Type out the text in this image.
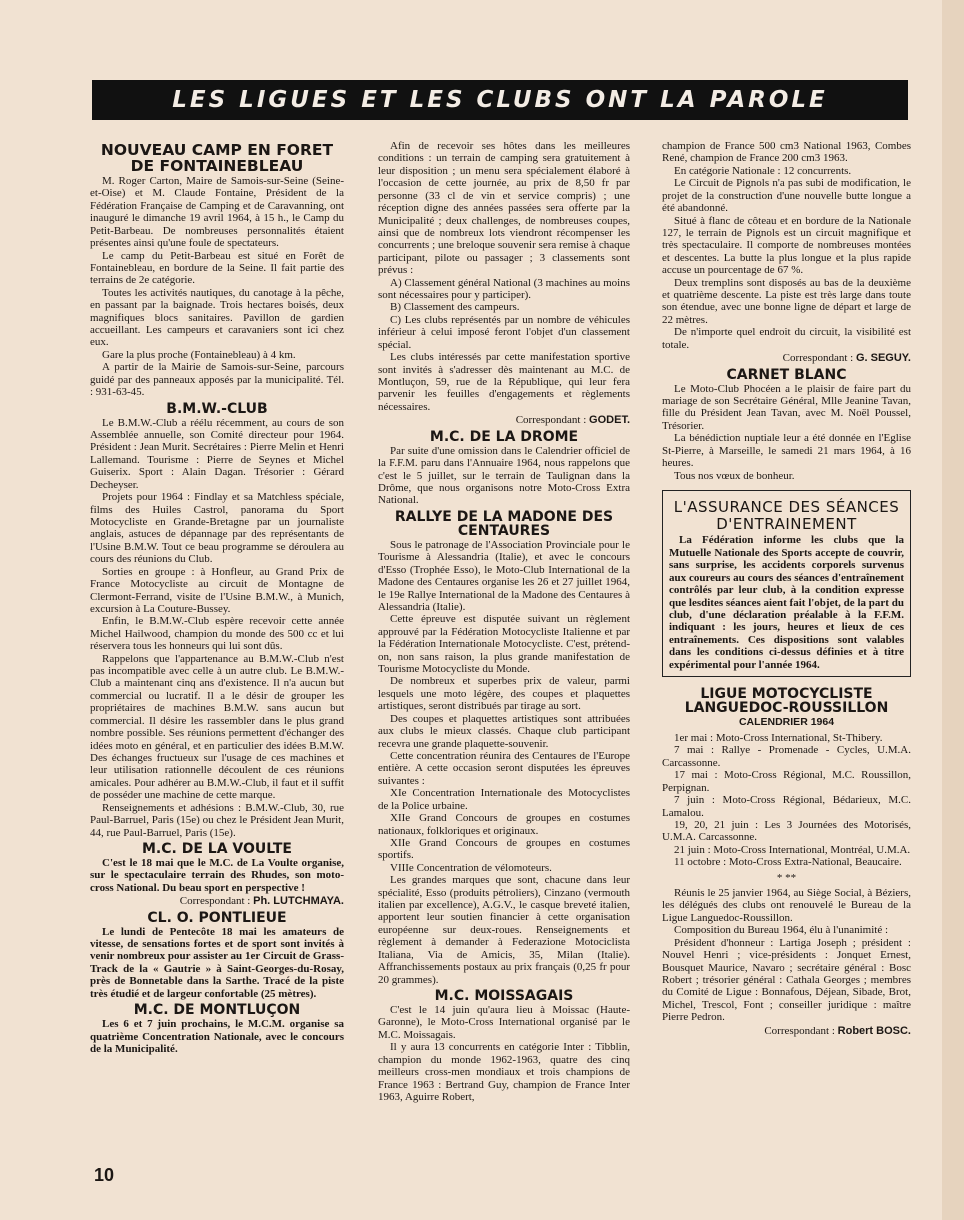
LES LIGUES ET LES CLUBS ONT LA PAROLE
NOUVEAU CAMP EN FORET DE FONTAINEBLEAU

M. Roger Carton, Maire de Samois-sur-Seine (Seine-et-Oise) et M. Claude Fontaine, Président de la Fédération Française de Camping et de Caravanning, ont inauguré le dimanche 19 avril 1964, à 15 h., le Camp du Petit-Barbeau. De nombreuses personnalités étaient présentes ainsi qu'une foule de spectateurs.

Le camp du Petit-Barbeau est situé en Forêt de Fontainebleau, en bordure de la Seine. Il fait partie des terrains de 2e catégorie.

Toutes les activités nautiques, du canotage à la pêche, en passant par la baignade. Trois hectares boisés, deux magnifiques blocs sanitaires. Pavillon de gardien accueillant. Les campeurs et caravaniers sont ici chez eux.

Gare la plus proche (Fontainebleau) à 4 km.

A partir de la Mairie de Samois-sur-Seine, parcours guidé par des panneaux apposés par la municipalité. Tél. : 931-63-45.

B.M.W.-CLUB

Le B.M.W.-Club a réélu récemment, au cours de son Assemblée annuelle, son Comité directeur pour 1964. Président : Jean Murit. Secrétaires : Pierre Melin et Henri Lallemand. Tourisme : Pierre de Seynes et Michel Guiserix. Sport : Alain Dagan. Trésorier : Gérard Decheyser.

Projets pour 1964 : Findlay et sa Matchless spéciale, films des Huiles Castrol, panorama du Sport Motocycliste en Grande-Bretagne par un journaliste anglais, astuces de dépannage par des représentants de l'Usine B.M.W. Tout ce beau programme se déroulera au cours des réunions du Club.

Sorties en groupe : à Honfleur, au Grand Prix de France Motocycliste au circuit de Montagne de Clermont-Ferrand, visite de l'Usine B.M.W., à Munich, excursion à La Couture-Bussey.

Enfin, le B.M.W.-Club espère recevoir cette année Michel Hailwood, champion du monde des 500 cc et lui réservera tous les honneurs qui lui sont dûs.

Rappelons que l'appartenance au B.M.W.-Club n'est pas incompatible avec celle à un autre club. Le B.M.W.-Club a maintenant cinq ans d'existence. Il n'a aucun but commercial ou lucratif. Il a le désir de grouper les propriétaires de machines B.M.W. sans aucun but commercial. Il désire les rassembler dans le plus grand nombre possible. Ses réunions permettent d'échanger des idées moto en général, et en particulier des idées B.M.W. Des échanges fructueux sur l'usage de ces machines et leur utilisation rationnelle découlent de ces réunions amicales. Pour adhérer au B.M.W.-Club, il faut et il suffit de posséder une machine de cette marque.

Renseignements et adhésions : B.M.W.-Club, 30, rue Paul-Barruel, Paris (15e) ou chez le Président Jean Murit, 44, rue Paul-Barruel, Paris (15e).

M.C. DE LA VOULTE

C'est le 18 mai que le M.C. de La Voulte organise, sur le spectaculaire terrain des Rhudes, son moto-cross National. Du beau sport en perspective !

Correspondant : Ph. LUTCHMAYA.
CL. O. PONTLIEUE

Le lundi de Pentecôte 18 mai les amateurs de vitesse, de sensations fortes et de sport sont invités à venir nombreux pour assister au 1er Circuit de Grass-Track de la « Gautrie » à Saint-Georges-du-Rosay, près de Bonnetable dans la Sarthe. Tracé de la piste très étudié et de largeur confortable (25 mètres).

M.C. DE MONTLUÇON

Les 6 et 7 juin prochains, le M.C.M. organise sa quatrième Concentration Nationale, avec le concours de la Municipalité.

Afin de recevoir ses hôtes dans les meilleures conditions : un terrain de camping sera gratuitement à leur disposition ; un menu sera spécialement élaboré à l'occasion de cette journée, au prix de 8,50 fr par personne (33 cl de vin et service compris) ; une réception digne des années passées sera offerte par la Municipalité ; deux challenges, de nombreuses coupes, ainsi que de nombreux lots viendront récompenser les concurrents ; une breloque souvenir sera remise à chaque participant, pilote ou passager ; 3 classements sont prévus :

A) Classement général National (3 machines au moins sont nécessaires pour y participer).

B) Classement des campeurs.

C) Les clubs représentés par un nombre de véhicules inférieur à celui imposé feront l'objet d'un classement spécial.

Les clubs intéressés par cette manifestation sportive sont invités à s'adresser dès maintenant au M.C. de Montluçon, 59, rue de la République, qui leur fera parvenir les feuilles d'engagements et règlements nécessaires.

Correspondant : GODET.
M.C. DE LA DROME

Par suite d'une omission dans le Calendrier officiel de la F.F.M. paru dans l'Annuaire 1964, nous rappelons que c'est le 5 juillet, sur le terrain de Taulignan dans la Drôme, que nous organisons notre Moto-Cross Extra National.

RALLYE DE LA MADONE DES CENTAURES

Sous le patronage de l'Association Provinciale pour le Tourisme à Alessandria (Italie), et avec le concours d'Esso (Trophée Esso), le Moto-Club International de la Madone des Centaures organise les 26 et 27 juillet 1964, le 19e Rallye International de la Madone des Centaures à Alessandria (Italie).

Cette épreuve est disputée suivant un règlement approuvé par la Fédération Motocycliste Italienne et par la Fédération Internationale Motocycliste. C'est, prétend-on, non sans raison, la plus grande manifestation de Tourisme Motocycliste du Monde.

De nombreux et superbes prix de valeur, parmi lesquels une moto légère, des coupes et plaquettes artistiques, seront distribués par tirage au sort.

Des coupes et plaquettes artistiques sont attribuées aux clubs le mieux classés. Chaque club participant recevra une grande plaquette-souvenir.

Cette concentration réunira des Centaures de l'Europe entière. A cette occasion seront disputées les épreuves suivantes :

XIe Concentration Internationale des Motocyclistes de la Police urbaine.

XIIe Grand Concours de groupes en costumes nationaux, folkloriques et originaux.

XIIe Grand Concours de groupes en costumes sportifs.

VIIIe Concentration de vélomoteurs.

Les grandes marques que sont, chacune dans leur spécialité, Esso (produits pétroliers), Cinzano (vermouth italien par excellence), A.G.V., le casque breveté italien, apportent leur soutien financier à cette organisation européenne sur deux-roues. Renseignements et règlement à demander à Federazione Motociclista Italiana, Via de Amicis, 35, Milan (Italie). Affranchissements postaux au prix français (0,25 fr pour 20 grammes).

M.C. MOISSAGAIS

C'est le 14 juin qu'aura lieu à Moissac (Haute-Garonne), le Moto-Cross International organisé par le M.C. Moissagais.

Il y aura 13 concurrents en catégorie Inter : Tibblin, champion du monde 1962-1963, quatre des cinq meilleurs cross-men mondiaux et trois champions de France 1963 : Bertrand Guy, champion de France Inter 1963, Aguirre Robert,

champion de France 500 cm3 National 1963, Combes René, champion de France 200 cm3 1963.

En catégorie Nationale : 12 concurrents.

Le Circuit de Pignols n'a pas subi de modification, le projet de la construction d'une nouvelle butte longue a été abandonné.

Situé à flanc de côteau et en bordure de la Nationale 127, le terrain de Pignols est un circuit magnifique et très spectaculaire. Il comporte de nombreuses montées et descentes. La butte la plus longue et la plus rapide accuse un pourcentage de 67 %.

Deux tremplins sont disposés au bas de la deuxième et quatrième descente. La piste est très large dans toute son étendue, avec une bonne ligne de départ et large de 22 mètres.

De n'importe quel endroit du circuit, la visibilité est totale.

Correspondant : G. SEGUY.
CARNET BLANC

Le Moto-Club Phocéen a le plaisir de faire part du mariage de son Secrétaire Général, Mlle Jeanine Tavan, fille du Président Jean Tavan, avec M. Noël Poussel, Trésorier.

La bénédiction nuptiale leur a été donnée en l'Eglise St-Pierre, à Marseille, le samedi 21 mars 1964, à 16 heures.

Tous nos vœux de bonheur.

L'ASSURANCE DES SÉANCES D'ENTRAINEMENT

La Fédération informe les clubs que la Mutuelle Nationale des Sports accepte de couvrir, sans surprise, les accidents corporels survenus aux coureurs au cours des séances d'entraînement contrôlés par leur club, à la condition expresse que lesdites séances aient fait l'objet, de la part du club, d'une déclaration préalable à la F.F.M. indiquant : les jours, heures et lieux de ces entraînements. Ces dispositions sont valables dans les conditions ci-dessus définies et à titre expérimental pour l'année 1964.

LIGUE MOTOCYCLISTE LANGUEDOC-ROUSSILLON
CALENDRIER 1964

1er mai : Moto-Cross International, St-Thibery.

7 mai : Rallye - Promenade - Cycles, U.M.A. Carcassonne.

17 mai : Moto-Cross Régional, M.C. Roussillon, Perpignan.

7 juin : Moto-Cross Régional, Bédarieux, M.C. Lamalou.

19, 20, 21 juin : Les 3 Journées des Motorisés, U.M.A. Carcassonne.

21 juin : Moto-Cross International, Montréal, U.M.A.

11 octobre : Moto-Cross Extra-National, Beaucaire.

* **

Réunis le 25 janvier 1964, au Siège Social, à Béziers, les délégués des clubs ont renouvelé le Bureau de la Ligue Languedoc-Roussillon.

Composition du Bureau 1964, élu à l'unanimité :

Président d'honneur : Lartiga Joseph ; président : Nouvel Henri ; vice-présidents : Jonquet Ernest, Bousquet Maurice, Navaro ; secrétaire général : Bosc Robert ; trésorier général : Cathala Georges ; membres du Comité de Ligue : Bonnafous, Déjean, Sibade, Brot, Michel, Trescol, Font ; conseiller juridique : maître Pierre Pedron.

Correspondant : Robert BOSC.
10
